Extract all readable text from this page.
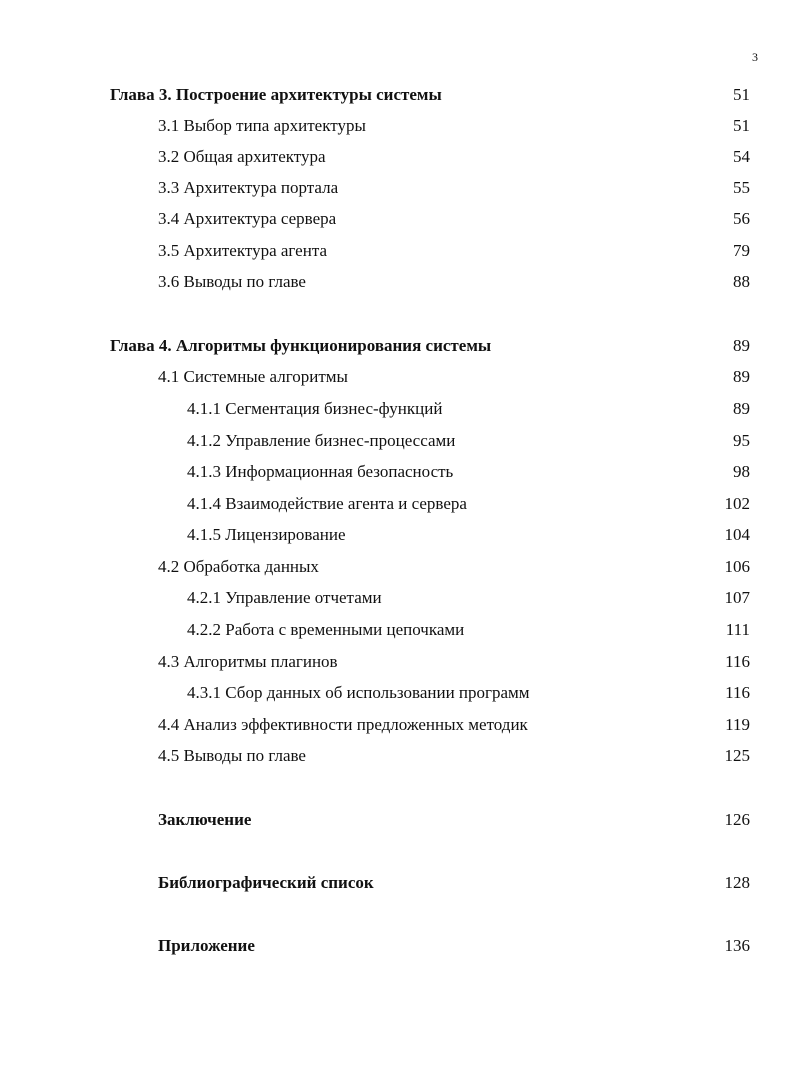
3
Глава 3. Построение архитектуры системы	51
3.1 Выбор типа архитектуры	51
3.2 Общая архитектура	54
3.3 Архитектура портала	55
3.4 Архитектура сервера	56
3.5 Архитектура агента	79
3.6 Выводы по главе	88
Глава 4. Алгоритмы функционирования системы	89
4.1 Системные алгоритмы	89
4.1.1 Сегментация бизнес-функций	89
4.1.2 Управление бизнес-процессами	95
4.1.3 Информационная безопасность	98
4.1.4 Взаимодействие агента и сервера	102
4.1.5 Лицензирование	104
4.2 Обработка данных	106
4.2.1 Управление отчетами	107
4.2.2 Работа с временными цепочками	111
4.3 Алгоритмы плагинов	116
4.3.1 Сбор данных об использовании программ	116
4.4 Анализ эффективности предложенных методик	119
4.5 Выводы по главе	125
Заключение	126
Библиографический список	128
Приложение	136
